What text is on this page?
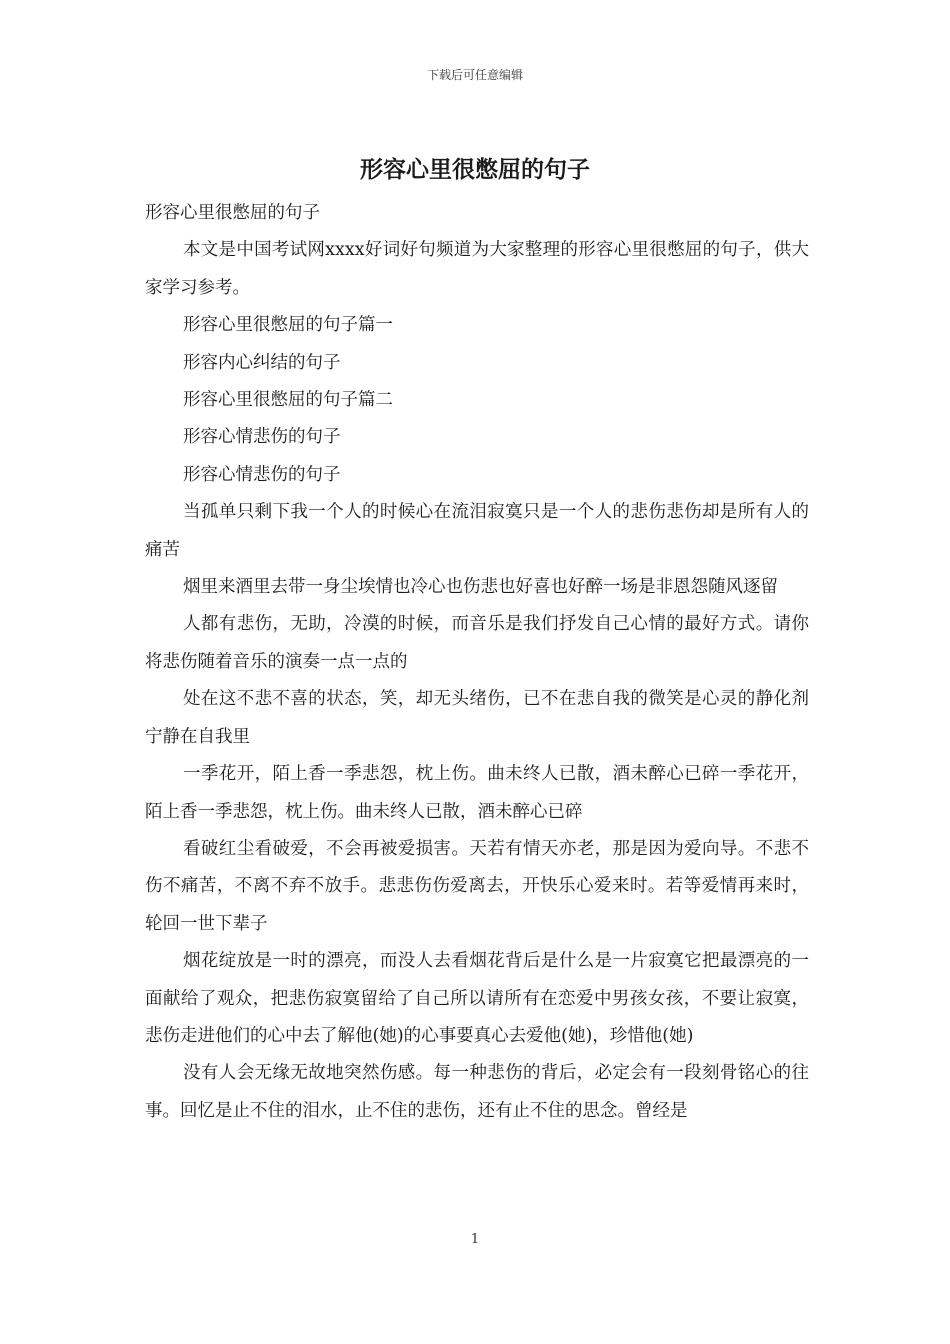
下载后可任意编辑
形容心里很憋屈的句子

形容心里很憋屈的句子

本文是中国考试网xxxx好词好句频道为大家整理的形容心里很憋屈的句子，供大家学习参考。

形容心里很憋屈的句子篇一

形容内心纠结的句子

形容心里很憋屈的句子篇二

形容心情悲伤的句子

形容心情悲伤的句子

当孤单只剩下我一个人的时候心在流泪寂寞只是一个人的悲伤悲伤却是所有人的痛苦

烟里来酒里去带一身尘埃情也冷心也伤悲也好喜也好醉一场是非恩怨随风逐留

人都有悲伤，无助，冷漠的时候，而音乐是我们抒发自己心情的最好方式。请你将悲伤随着音乐的演奏一点一点的

处在这不悲不喜的状态，笑，却无头绪伤，已不在悲自我的微笑是心灵的静化剂宁静在自我里

一季花开，陌上香一季悲怨，枕上伤。曲未终人已散，酒未醉心已碎一季花开，陌上香一季悲怨，枕上伤。曲未终人已散，酒未醉心已碎

看破红尘看破爱，不会再被爱损害。天若有情天亦老，那是因为爱向导。不悲不伤不痛苦，不离不弃不放手。悲悲伤伤爱离去，开快乐心爱来时。若等爱情再来时，轮回一世下辈子

烟花绽放是一时的漂亮，而没人去看烟花背后是什么是一片寂寞它把最漂亮的一面献给了观众，把悲伤寂寞留给了自己所以请所有在恋爱中男孩女孩，不要让寂寞，悲伤走进他们的心中去了解他(她)的心事要真心去爱他(她)，珍惜他(她)

没有人会无缘无故地突然伤感。每一种悲伤的背后，必定会有一段刻骨铭心的往事。回忆是止不住的泪水，止不住的悲伤，还有止不住的思念。曾经是

1
